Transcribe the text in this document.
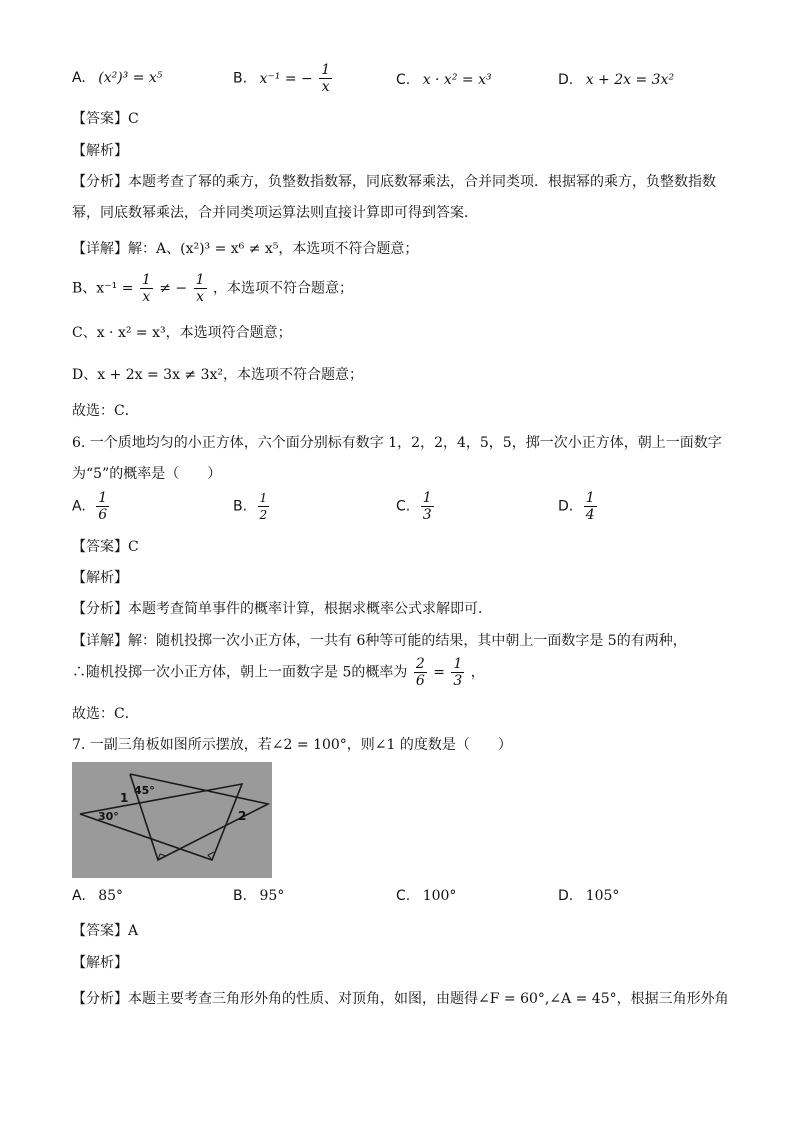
A. (x²)³ = x⁵	B. x⁻¹ = − $\frac{1}{x}$	C. x · x² = x³	D. x + 2x = 3x²
【答案】C
【解析】
【分析】本题考查了幂的乘方，负整数指数幂，同底数幂乘法，合并同类项．根据幂的乘方，负整数指数
幂，同底数幂乘法，合并同类项运算法则直接计算即可得到答案．
【详解】解：A、(x²)³ = x⁶ ≠ x⁵，本选项不符合题意；
B、$x^{-1} = \frac{1}{x}$ ≠ − $\frac{1}{x}$ ，本选项不符合题意；
C、x · x² = x³，本选项符合题意；
D、x + 2x = 3x ≠ 3x²，本选项不符合题意；
故选：C．
6. 一个质地均匀的小正方体，六个面分别标有数字 1，2，2，4，5，5，掷一次小正方体，朝上一面数字
为“5”的概率是（　　）
A. $\frac{1}{6}$	B. $\frac{1}{2}$	C. $\frac{1}{3}$	D. $\frac{1}{4}$
【答案】C
【解析】
【分析】本题考查简单事件的概率计算，根据求概率公式求解即可．
【详解】解：随机投掷一次小正方体，一共有 6种等可能的结果，其中朝上一面数字是 5的有两种，
∴随机投掷一次小正方体，朝上一面数字是 5的概率为 $\frac{2}{6} = \frac{1}{3}$ ，
故选：C．
7. 一副三角板如图所示摆放，若∠2 = 100°，则∠1 的度数是（　　）
45°
30°
1
2
A. 85°	B. 95°	C. 100°	D. 105°
【答案】A
【解析】
【分析】本题主要考查三角形外角的性质、对顶角，如图，由题得∠F = 60°,∠A = 45°，根据三角形外角
